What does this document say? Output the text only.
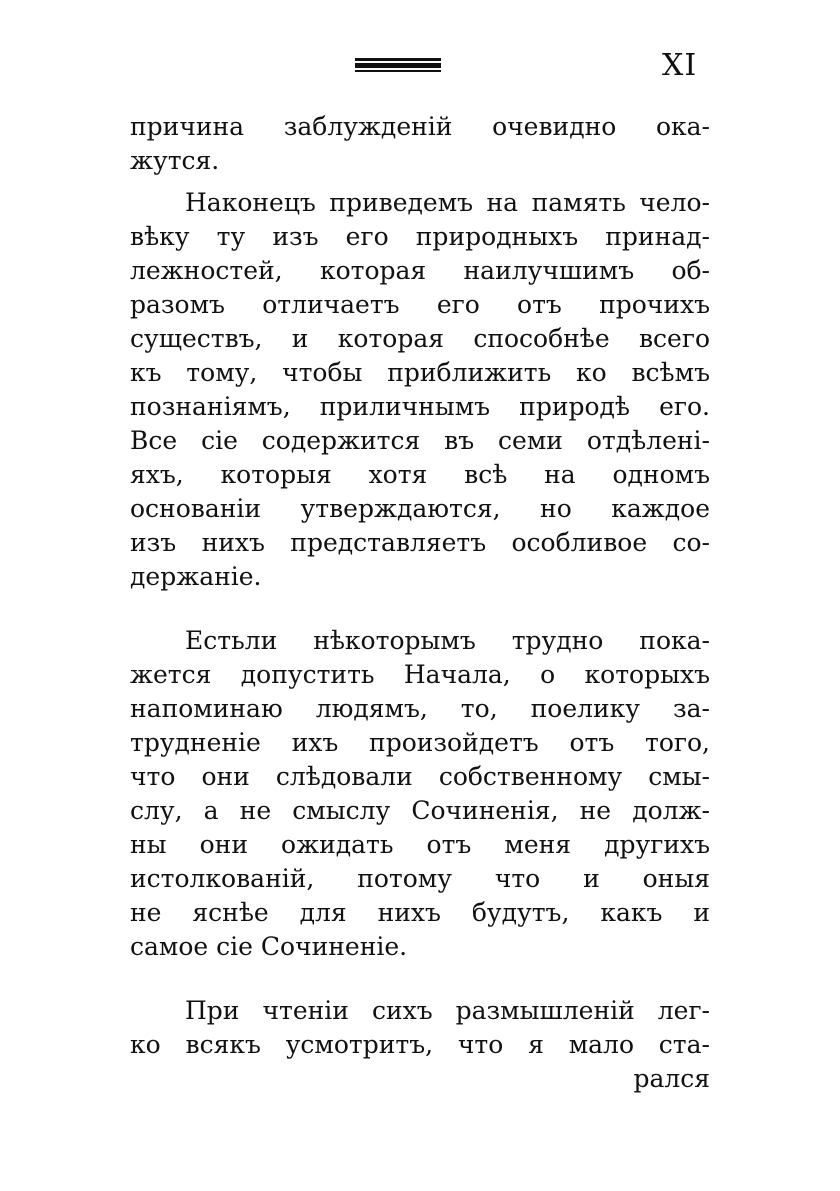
XI
причина заблужденій очевидно ока-
жутся.
Наконецъ приведемъ на память чело-
вѣку ту изъ его природныхъ принад-
лежностей, которая наилучшимъ об-
разомъ отличаетъ его отъ прочихъ
существъ, и которая способнѣе всего
къ тому, чтобы приближить ко всѣмъ
познаніямъ, приличнымъ природѣ его.
Все сіе содержится въ семи отдѣлені-
яхъ, которыя хотя всѣ на одномъ
основаніи утверждаются, но каждое
изъ нихъ представляетъ особливое со-
держаніе.
Естьли нѣкоторымъ трудно пока-
жется допустить Начала, о которыхъ
напоминаю людямъ, то, поелику за-
трудненіе ихъ произойдетъ отъ того,
что они слѣдовали собственному смы-
слу, а не смыслу Сочиненія, не долж-
ны они ожидать отъ меня другихъ
истолкованій, потому что и оныя
не яснѣе для нихъ будутъ, какъ и
самое сіе Сочиненіе.
При чтеніи сихъ размышленій лег-
ко всякъ усмотритъ, что я мало ста-
рался
